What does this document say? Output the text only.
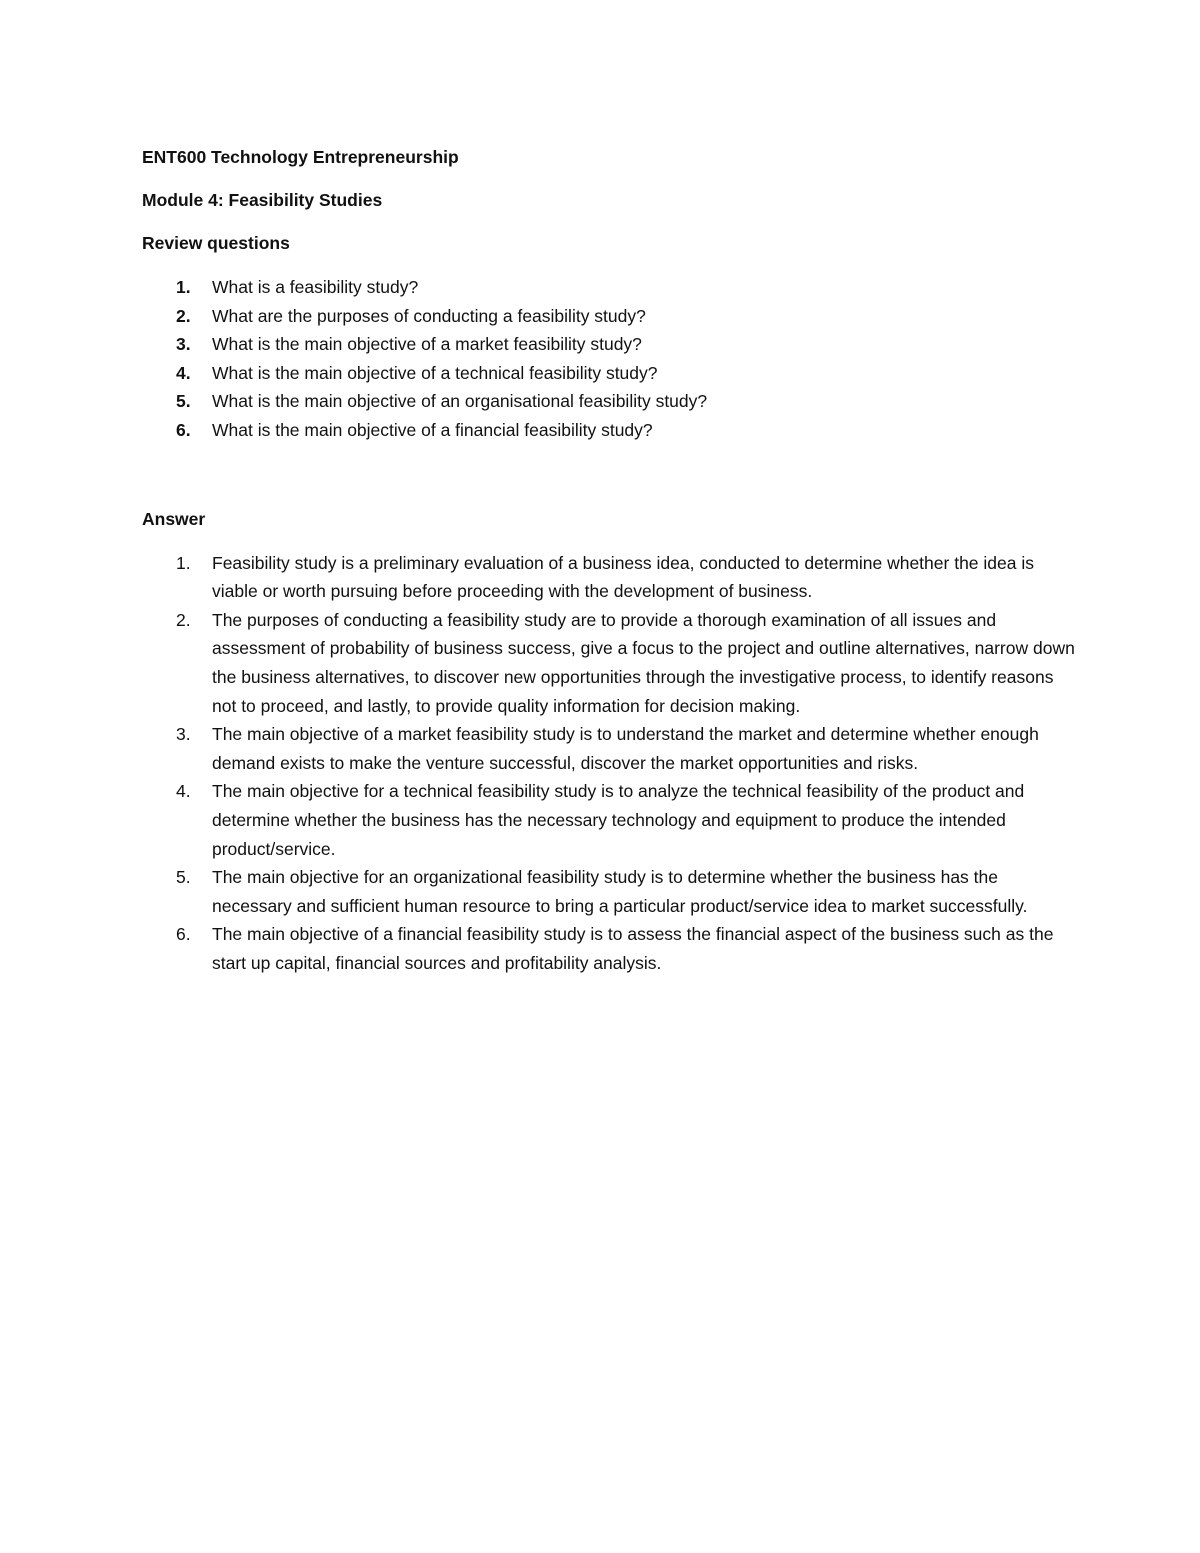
ENT600 Technology Entrepreneurship

Module 4: Feasibility Studies

Review questions

1.	What is a feasibility study?
2.	What are the purposes of conducting a feasibility study?
3.	What is the main objective of a market feasibility study?
4.	What is the main objective of a technical feasibility study?
5.	What is the main objective of an organisational feasibility study?
6.	What is the main objective of a financial feasibility study?

Answer

1.	Feasibility study is a preliminary evaluation of a business idea, conducted to determine whether the idea is viable or worth pursuing before proceeding with the development of business.
2.	The purposes of conducting a feasibility study are to provide a thorough examination of all issues and assessment of probability of business success, give a focus to the project and outline alternatives, narrow down the business alternatives, to discover new opportunities through the investigative process, to identify reasons not to proceed, and lastly, to provide quality information for decision making.
3.	The main objective of a market feasibility study is to understand the market and determine whether enough demand exists to make the venture successful, discover the market opportunities and risks.
4.	The main objective for a technical feasibility study is to analyze the technical feasibility of the product and determine whether the business has the necessary technology and equipment to produce the intended product/service.
5.	The main objective for an organizational feasibility study is to determine whether the business has the necessary and sufficient human resource to bring a particular product/service idea to market successfully.
6.	The main objective of a financial feasibility study is to assess the financial aspect of the business such as the start up capital, financial sources and profitability analysis.
